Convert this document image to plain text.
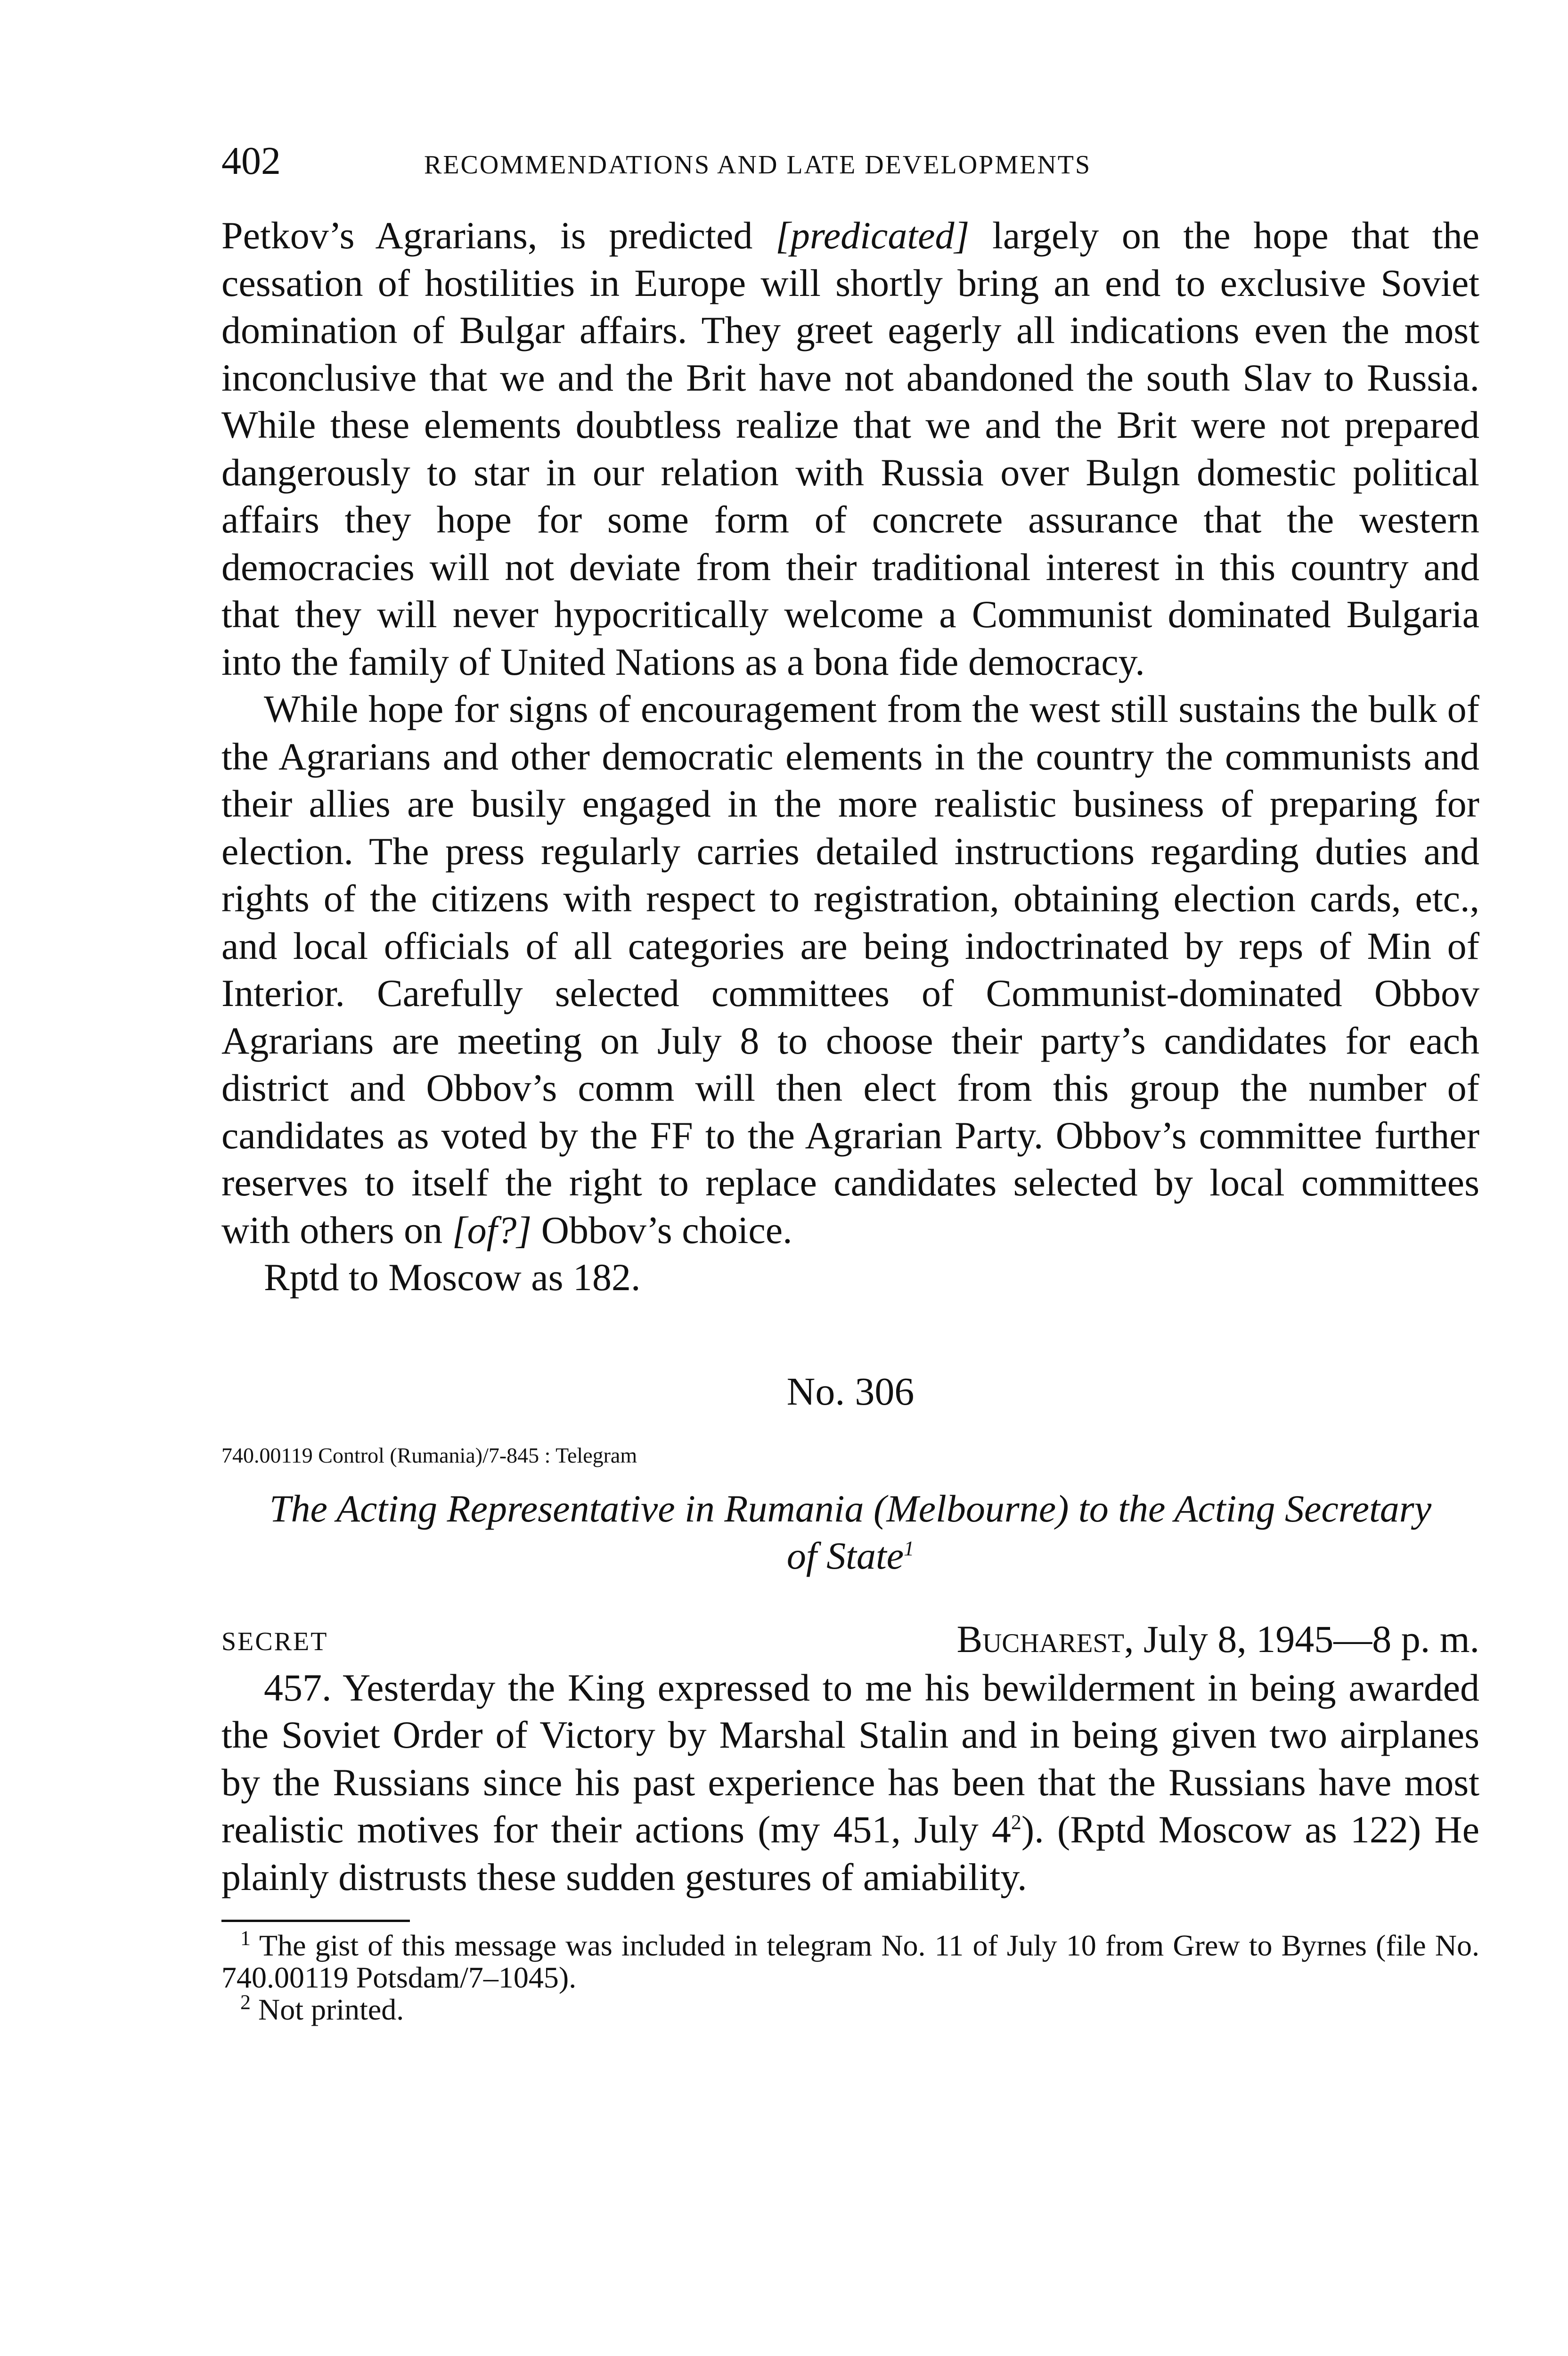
402	RECOMMENDATIONS AND LATE DEVELOPMENTS

Petkov’s Agrarians, is predicted [predicated] largely on the hope that the cessation of hostilities in Europe will shortly bring an end to exclusive Soviet domination of Bulgar affairs. They greet eagerly all indications even the most inconclusive that we and the Brit have not abandoned the south Slav to Russia. While these elements doubtless realize that we and the Brit were not prepared dangerously to star in our relation with Russia over Bulgn domestic political affairs they hope for some form of concrete assurance that the western democracies will not deviate from their traditional interest in this country and that they will never hypocritically welcome a Communist dominated Bulgaria into the family of United Nations as a bona fide democracy.

While hope for signs of encouragement from the west still sustains the bulk of the Agrarians and other democratic elements in the country the communists and their allies are busily engaged in the more realistic business of preparing for election. The press regularly carries detailed instructions regarding duties and rights of the citizens with respect to registration, obtaining election cards, etc., and local officials of all categories are being indoctrinated by reps of Min of Interior. Carefully selected committees of Communist-dominated Obbov Agrarians are meeting on July 8 to choose their party’s candidates for each district and Obbov’s comm will then elect from this group the number of candidates as voted by the FF to the Agrarian Party. Obbov’s committee further reserves to itself the right to replace candidates selected by local committees with others on [of?] Obbov’s choice.

Rptd to Moscow as 182.

No. 306
740.00119 Control (Rumania)/7-845 : Telegram
The Acting Representative in Rumania (Melbourne) to the Acting Secretary of State$^1$
SECRET	Bucharest, July 8, 1945—8 p. m.

457. Yesterday the King expressed to me his bewilderment in being awarded the Soviet Order of Victory by Marshal Stalin and in being given two airplanes by the Russians since his past experience has been that the Russians have most realistic motives for their actions (my 451, July $4^2$). (Rptd Moscow as 122) He plainly distrusts these sudden gestures of amiability.

$^1$ The gist of this message was included in telegram No. 11 of July 10 from Grew to Byrnes (file No. 740.00119 Potsdam/7–1045).

$^2$ Not printed.
